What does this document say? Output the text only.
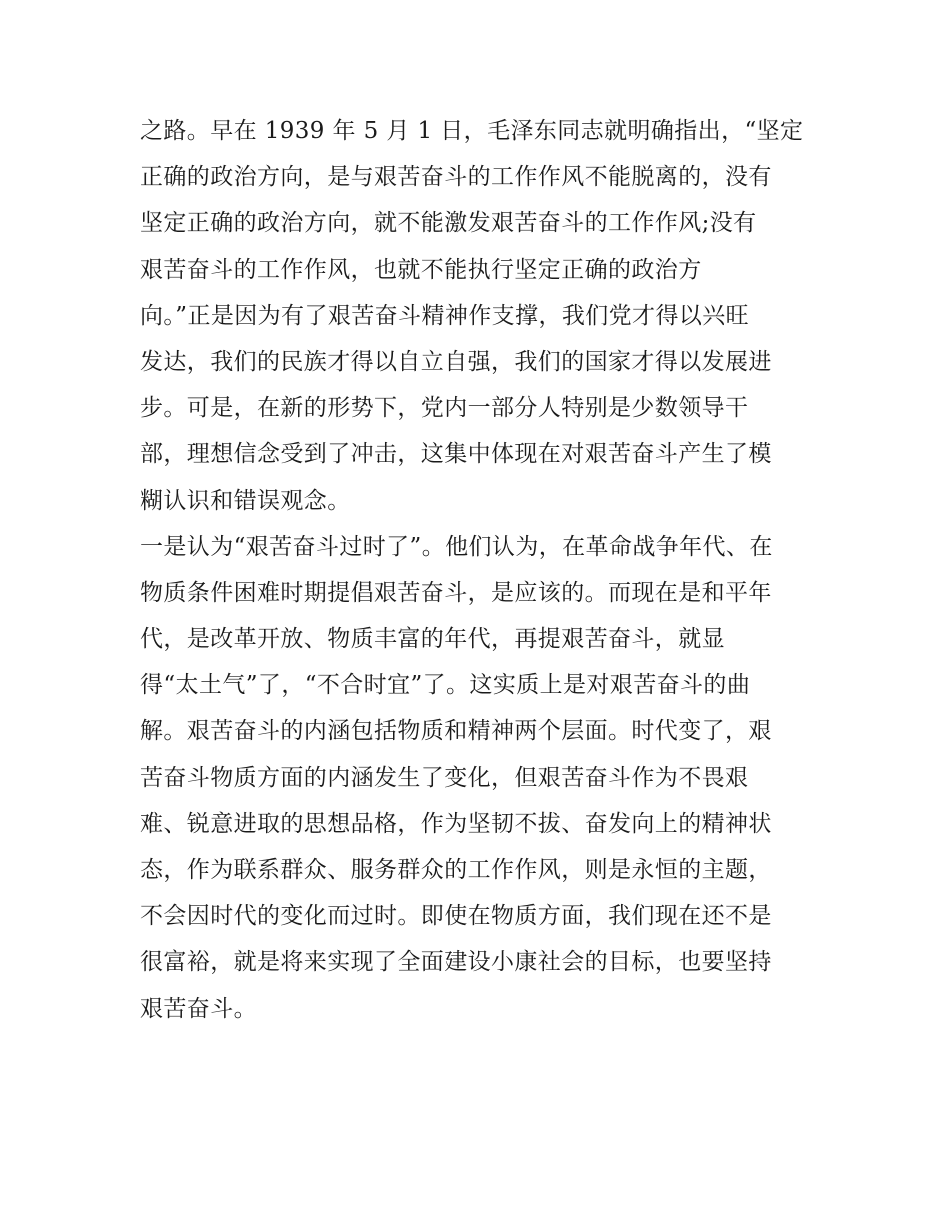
之路。早在 1939 年 5 月 1 日，毛泽东同志就明确指出，“坚定
正确的政治方向，是与艰苦奋斗的工作作风不能脱离的，没有
坚定正确的政治方向，就不能激发艰苦奋斗的工作作风;没有
艰苦奋斗的工作作风，也就不能执行坚定正确的政治方
向。”正是因为有了艰苦奋斗精神作支撑，我们党才得以兴旺
发达，我们的民族才得以自立自强，我们的国家才得以发展进
步。可是，在新的形势下，党内一部分人特别是少数领导干
部，理想信念受到了冲击，这集中体现在对艰苦奋斗产生了模
糊认识和错误观念。
一是认为“艰苦奋斗过时了”。他们认为，在革命战争年代、在
物质条件困难时期提倡艰苦奋斗，是应该的。而现在是和平年
代，是改革开放、物质丰富的年代，再提艰苦奋斗，就显
得“太土气”了，“不合时宜”了。这实质上是对艰苦奋斗的曲
解。艰苦奋斗的内涵包括物质和精神两个层面。时代变了，艰
苦奋斗物质方面的内涵发生了变化，但艰苦奋斗作为不畏艰
难、锐意进取的思想品格，作为坚韧不拔、奋发向上的精神状
态，作为联系群众、服务群众的工作作风，则是永恒的主题，
不会因时代的变化而过时。即使在物质方面，我们现在还不是
很富裕，就是将来实现了全面建设小康社会的目标，也要坚持
艰苦奋斗。
